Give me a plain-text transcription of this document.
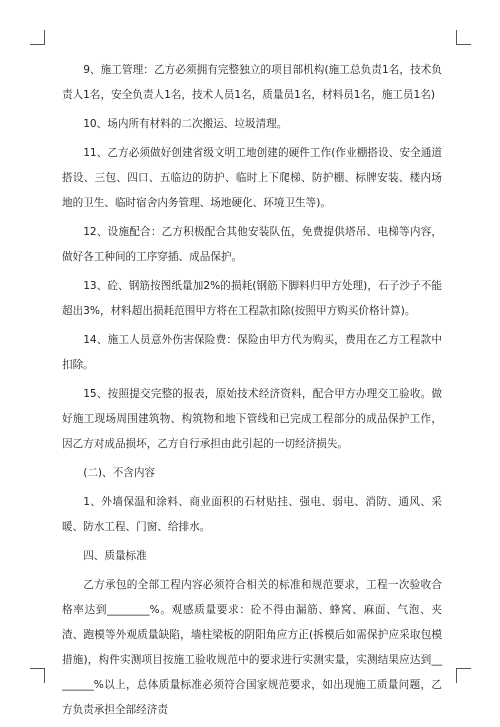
9、施工管理：乙方必须拥有完整独立的项目部机构(施工总负责1名，技术负责人1名，安全负责人1名，技术人员1名，质量员1名，材料员1名，施工员1名)

10、场内所有材料的二次搬运、垃圾清理。

11、乙方必须做好创建省级文明工地创建的硬件工作(作业棚搭设、安全通道搭设、三包、四口、五临边的防护、临时上下爬梯、防护棚、标牌安装、楼内场地的卫生、临时宿舍内务管理、场地硬化、环境卫生等)。

12、设施配合：乙方积极配合其他安装队伍，免费提供塔吊、电梯等内容，做好各工种间的工序穿插、成品保护。

13、砼、钢筋按图纸量加2%的损耗(钢筋下脚料归甲方处理)，石子沙子不能超出3%，材料超出损耗范围甲方将在工程款扣除(按照甲方购买价格计算)。

14、施工人员意外伤害保险费：保险由甲方代为购买，费用在乙方工程款中扣除。

15、按照提交完整的报表，原始技术经济资料，配合甲方办理交工验收。做好施工现场周围建筑物、构筑物和地下管线和已完成工程部分的成品保护工作，因乙方对成品损坏，乙方自行承担由此引起的一切经济损失。

(二)、不含内容

1、外墙保温和涂料、商业面积的石材贴挂、强电、弱电、消防、通风、采暖、防水工程、门窗、给排水。

四、质量标准

乙方承包的全部工程内容必须符合相关的标准和规范要求，工程一次验收合格率达到________%。观感质量要求：砼不得由漏筋、蜂窝、麻面、气泡、夹渣、跑模等外观质量缺陷，墙柱梁板的阴阳角应方正(拆模后如需保护应采取包模措施)，构件实测项目按施工验收规范中的要求进行实测实量，实测结果应达到________%以上，总体质量标准必须符合国家规范要求，如出现施工质量问题，乙方负责承担全部经济责
